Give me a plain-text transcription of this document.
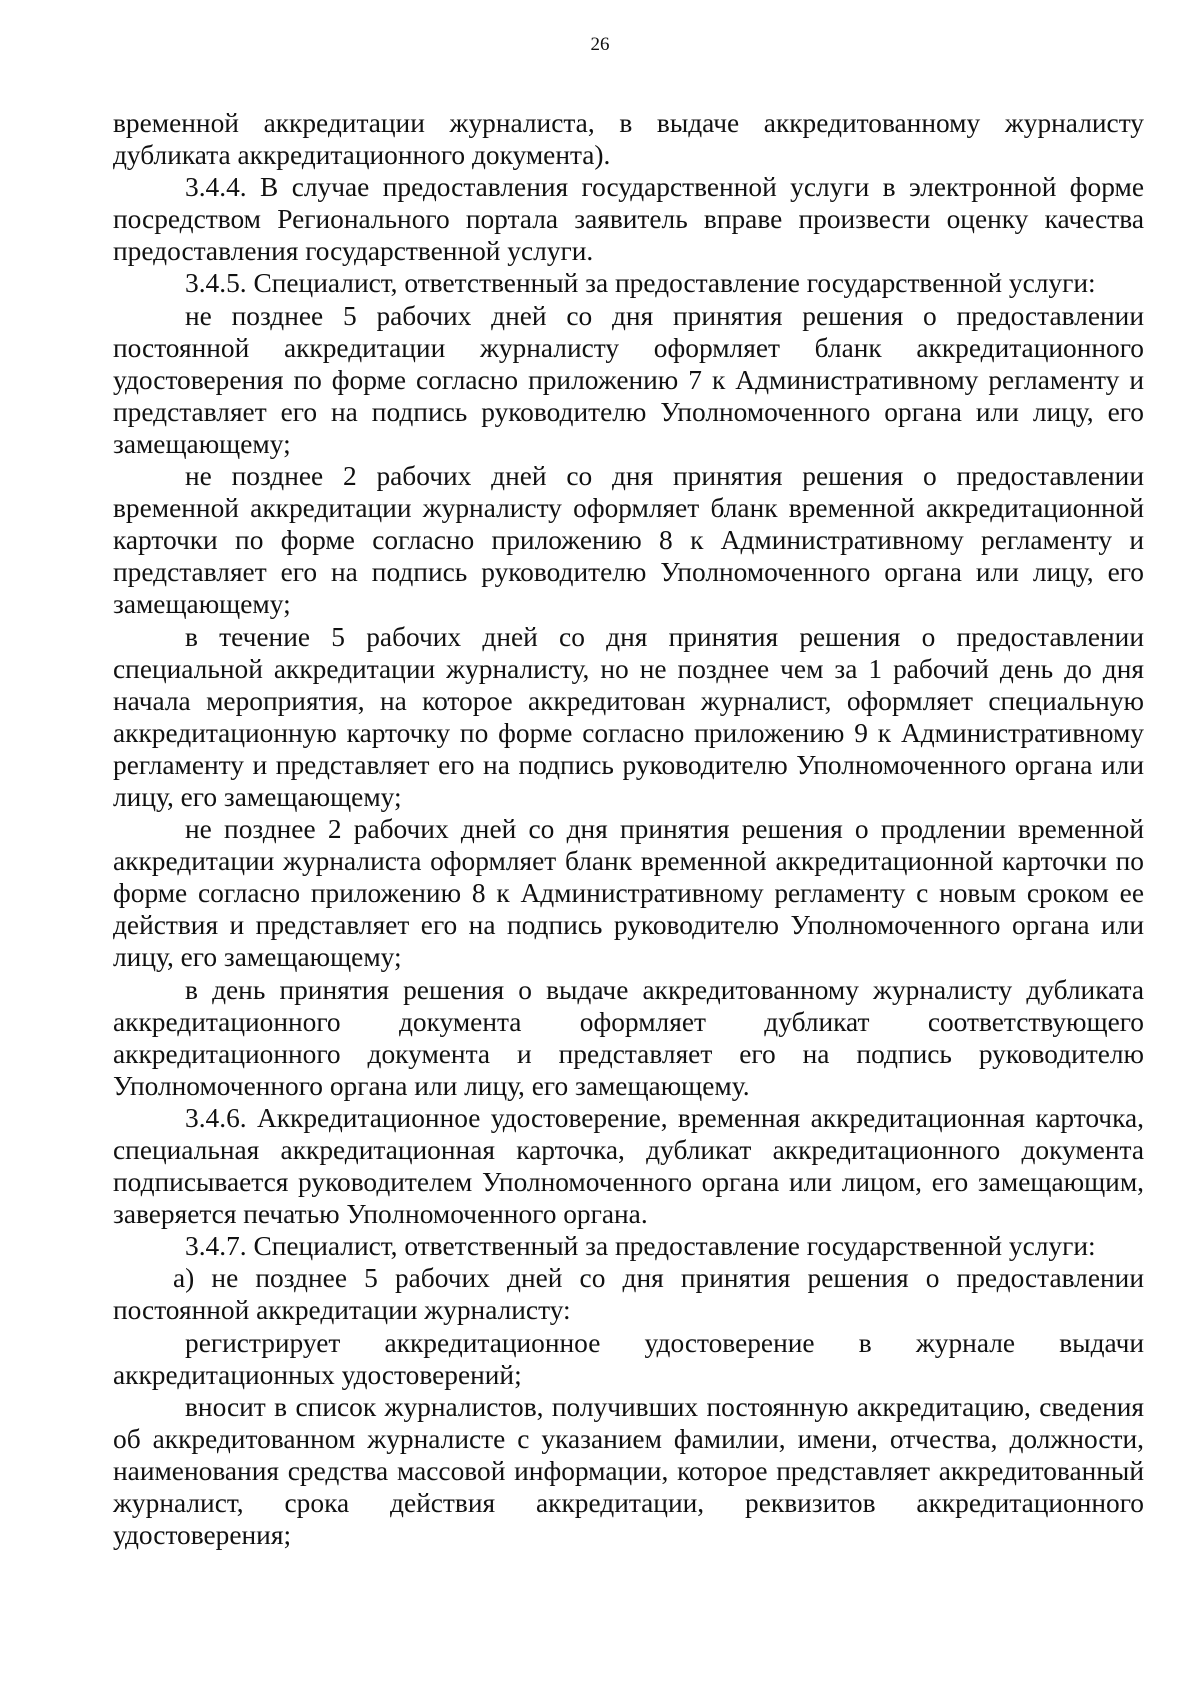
26

временной аккредитации журналиста, в выдаче аккредитованному журналисту дубликата аккредитационного документа).

3.4.4. В случае предоставления государственной услуги в электронной форме посредством Регионального портала заявитель вправе произвести оценку качества предоставления государственной услуги.

3.4.5. Специалист, ответственный за предоставление государственной услуги:

не позднее 5 рабочих дней со дня принятия решения о предоставлении постоянной аккредитации журналисту оформляет бланк аккредитационного удостоверения по форме согласно приложению 7 к Административному регламенту и представляет его на подпись руководителю Уполномоченного органа или лицу, его замещающему;

не позднее 2 рабочих дней со дня принятия решения о предоставлении временной аккредитации журналисту оформляет бланк временной аккредитационной карточки по форме согласно приложению 8 к Административному регламенту и представляет его на подпись руководителю Уполномоченного органа или лицу, его замещающему;

в течение 5 рабочих дней со дня принятия решения о предоставлении специальной аккредитации журналисту, но не позднее чем за 1 рабочий день до дня начала мероприятия, на которое аккредитован журналист, оформляет специальную аккредитационную карточку по форме согласно приложению 9 к Административному регламенту и представляет его на подпись руководителю Уполномоченного органа или лицу, его замещающему;

не позднее 2 рабочих дней со дня принятия решения о продлении временной аккредитации журналиста оформляет бланк временной аккредитационной карточки по форме согласно приложению 8 к Административному регламенту с новым сроком ее действия и представляет его на подпись руководителю Уполномоченного органа или лицу, его замещающему;

в день принятия решения о выдаче аккредитованному журналисту дубликата аккредитационного документа оформляет дубликат соответствующего аккредитационного документа и представляет его на подпись руководителю Уполномоченного органа или лицу, его замещающему.

3.4.6. Аккредитационное удостоверение, временная аккредитационная карточка, специальная аккредитационная карточка, дубликат аккредитационного документа подписывается руководителем Уполномоченного органа или лицом, его замещающим, заверяется печатью Уполномоченного органа.

3.4.7. Специалист, ответственный за предоставление государственной услуги:

а) не позднее 5 рабочих дней со дня принятия решения о предоставлении постоянной аккредитации журналисту:

регистрирует аккредитационное удостоверение в журнале выдачи аккредитационных удостоверений;

вносит в список журналистов, получивших постоянную аккредитацию, сведения об аккредитованном журналисте с указанием фамилии, имени, отчества, должности, наименования средства массовой информации, которое представляет аккредитованный журналист, срока действия аккредитации, реквизитов аккредитационного удостоверения;
